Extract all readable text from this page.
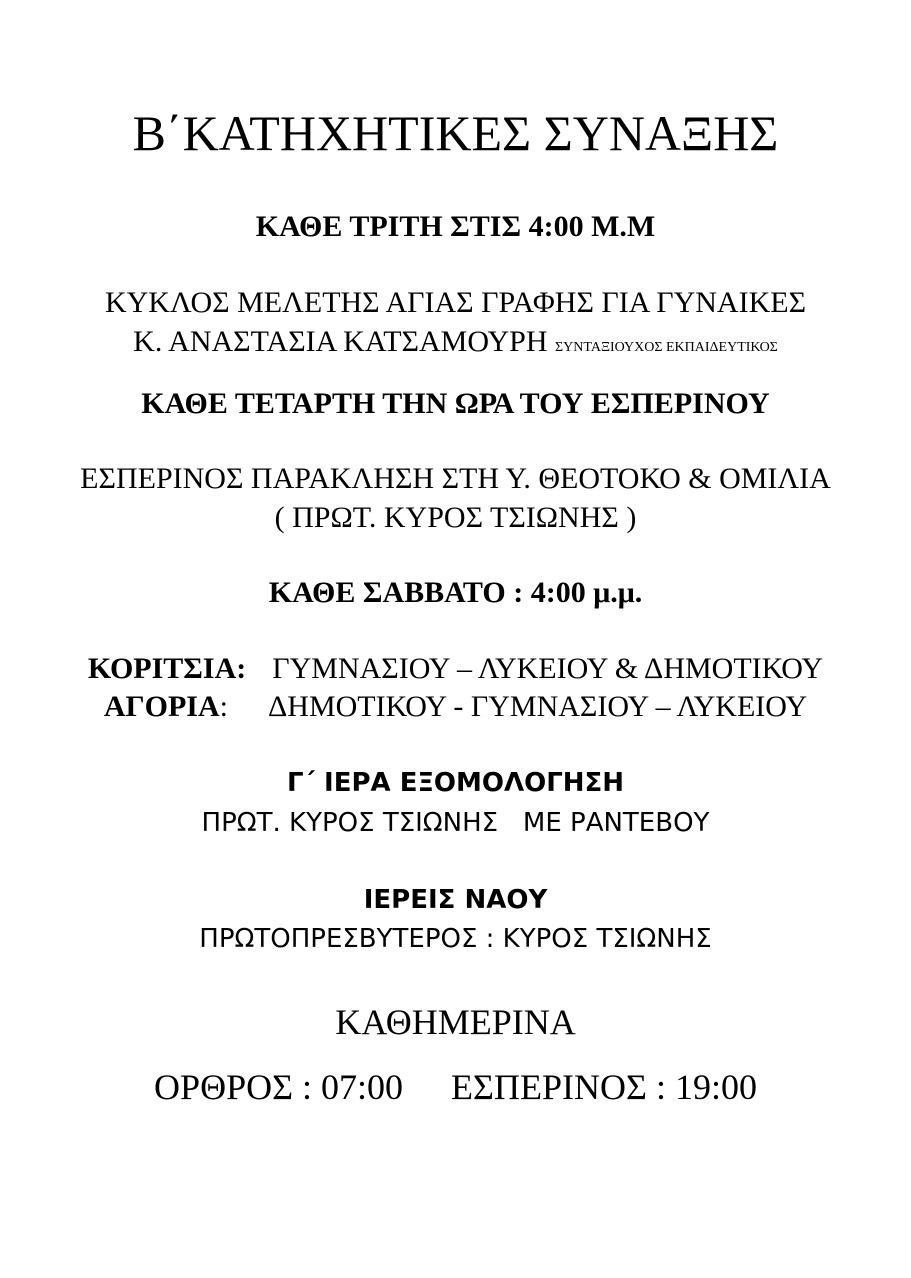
Β΄ΚΑΤΗΧΗΤΙΚΕΣ ΣΥΝΑΞΗΣ
ΚΑΘΕ ΤΡΙΤΗ ΣΤΙΣ 4:00 Μ.Μ
ΚΥΚΛΟΣ ΜΕΛΕΤΗΣ ΑΓΙΑΣ ΓΡΑΦΗΣ ΓΙΑ ΓΥΝΑΙΚΕΣ
Κ. ΑΝΑΣΤΑΣΙΑ ΚΑΤΣΑΜΟΥΡΗ ΣΥΝΤΑΞΙΟΥΧΟΣ ΕΚΠΑΙΔΕΥΤΙΚΟΣ
ΚΑΘΕ ΤΕΤΑΡΤΗ ΤΗΝ ΩΡΑ ΤΟΥ ΕΣΠΕΡΙΝΟΥ
ΕΣΠΕΡΙΝΟΣ ΠΑΡΑΚΛΗΣΗ ΣΤΗ Υ. ΘΕΟΤΟΚΟ & ΟΜΙΛΙΑ
( ΠΡΩΤ. ΚΥΡΟΣ ΤΣΙΩΝΗΣ )
ΚΑΘΕ ΣΑΒΒΑΤΟ : 4:00 μ.μ.
ΚΟΡΙΤΣΙΑ: ΓΥΜΝΑΣΙΟΥ – ΛΥΚΕΙΟΥ & ΔΗΜΟΤΙΚΟΥ
ΑΓΟΡΙΑ: ΔΗΜΟΤΙΚΟΥ - ΓΥΜΝΑΣΙΟΥ – ΛΥΚΕΙΟΥ
Γ΄ ΙΕΡΑ ΕΞΟΜΟΛΟΓΗΣΗ
ΠΡΩΤ. ΚΥΡΟΣ ΤΣΙΩΝΗΣ   ΜΕ ΡΑΝΤΕΒΟΥ
ΙΕΡΕΙΣ ΝΑΟΥ
ΠΡΩΤΟΠΡΕΣΒΥΤΕΡΟΣ : ΚΥΡΟΣ ΤΣΙΩΝΗΣ
ΚΑΘΗΜΕΡΙΝΑ
ΟΡΘΡΟΣ : 07:00 ΕΣΠΕΡΙΝΟΣ : 19:00
